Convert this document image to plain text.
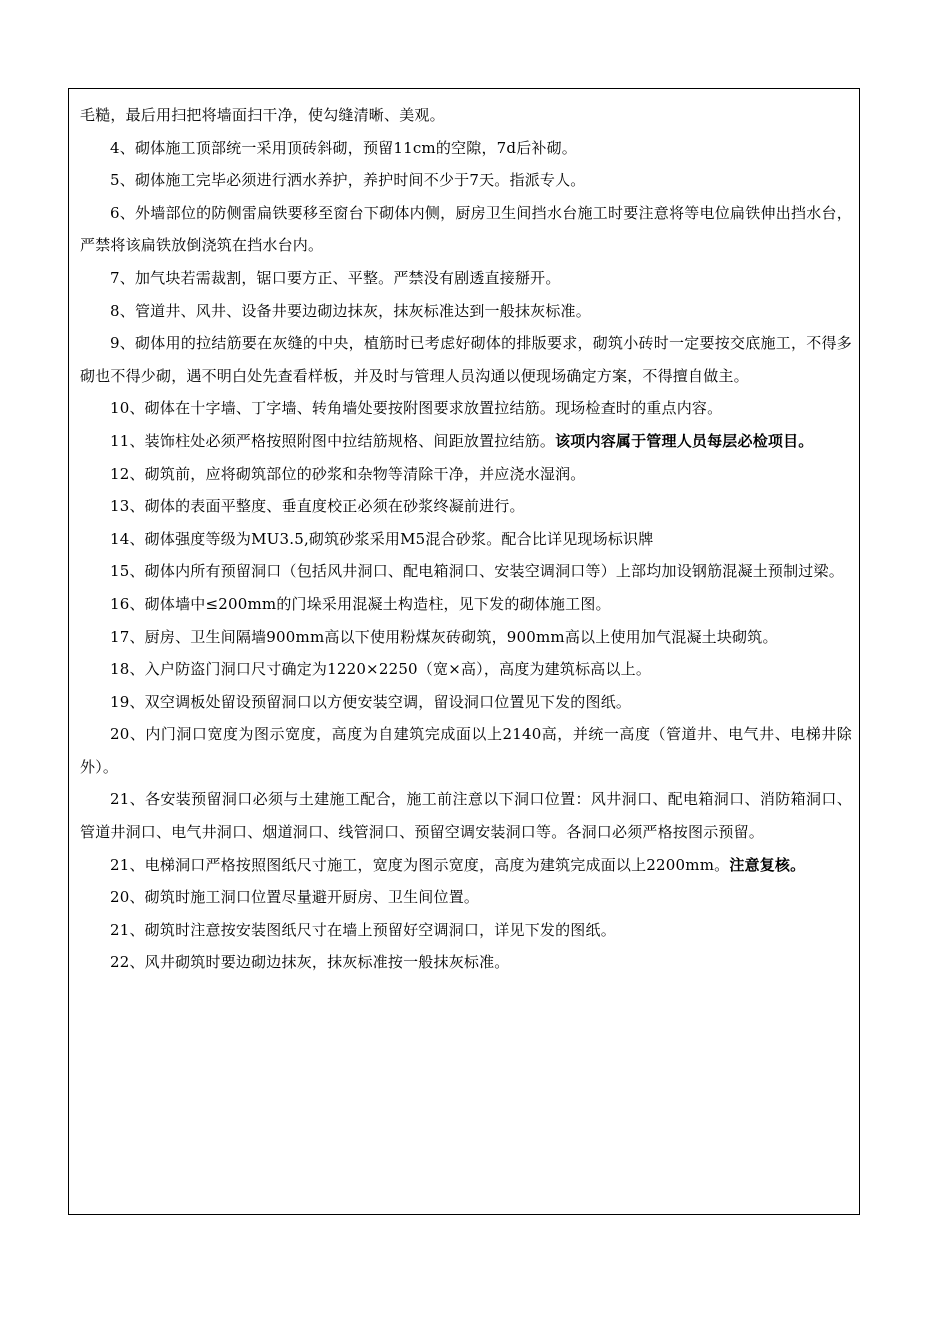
毛糙，最后用扫把将墙面扫干净，使勾缝清晰、美观。

4、砌体施工顶部统一采用顶砖斜砌，预留11cm的空隙，7d后补砌。

5、砌体施工完毕必须进行洒水养护，养护时间不少于7天。指派专人。

6、外墙部位的防侧雷扁铁要移至窗台下砌体内侧，厨房卫生间挡水台施工时要注意将等电位扁铁伸出挡水台，严禁将该扁铁放倒浇筑在挡水台内。

7、加气块若需裁割，锯口要方正、平整。严禁没有剧透直接掰开。

8、管道井、风井、设备井要边砌边抹灰，抹灰标准达到一般抹灰标准。

9、砌体用的拉结筋要在灰缝的中央，植筋时已考虑好砌体的排版要求，砌筑小砖时一定要按交底施工，不得多砌也不得少砌，遇不明白处先查看样板，并及时与管理人员沟通以便现场确定方案，不得擅自做主。

10、砌体在十字墙、丁字墙、转角墙处要按附图要求放置拉结筋。现场检查时的重点内容。

11、装饰柱处必须严格按照附图中拉结筋规格、间距放置拉结筋。该项内容属于管理人员每层必检项目。

12、砌筑前，应将砌筑部位的砂浆和杂物等清除干净，并应浇水湿润。

13、砌体的表面平整度、垂直度校正必须在砂浆终凝前进行。

14、砌体强度等级为MU3.5,砌筑砂浆采用M5混合砂浆。配合比详见现场标识牌

15、砌体内所有预留洞口（包括风井洞口、配电箱洞口、安装空调洞口等）上部均加设钢筋混凝土预制过梁。

16、砌体墙中≤200mm的门垛采用混凝土构造柱，见下发的砌体施工图。

17、厨房、卫生间隔墙900mm高以下使用粉煤灰砖砌筑，900mm高以上使用加气混凝土块砌筑。

18、入户防盗门洞口尺寸确定为1220×2250（宽×高），高度为建筑标高以上。

19、双空调板处留设预留洞口以方便安装空调，留设洞口位置见下发的图纸。

20、内门洞口宽度为图示宽度，高度为自建筑完成面以上2140高，并统一高度（管道井、电气井、电梯井除外）。

21、各安装预留洞口必须与土建施工配合，施工前注意以下洞口位置：风井洞口、配电箱洞口、消防箱洞口、管道井洞口、电气井洞口、烟道洞口、线管洞口、预留空调安装洞口等。各洞口必须严格按图示预留。

21、电梯洞口严格按照图纸尺寸施工，宽度为图示宽度，高度为建筑完成面以上2200mm。注意复核。

20、砌筑时施工洞口位置尽量避开厨房、卫生间位置。

21、砌筑时注意按安装图纸尺寸在墙上预留好空调洞口，详见下发的图纸。

22、风井砌筑时要边砌边抹灰，抹灰标准按一般抹灰标准。
